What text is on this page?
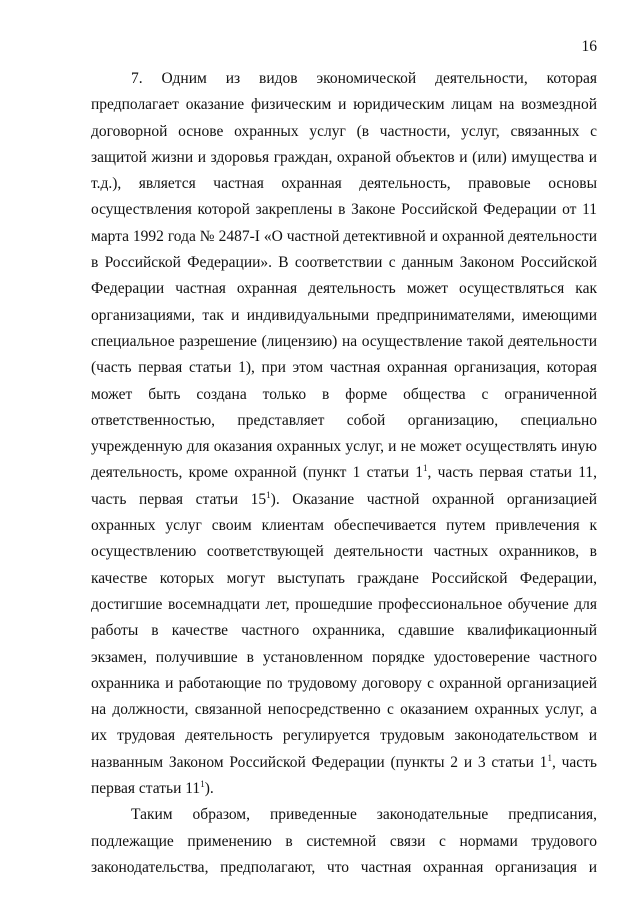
16

7. Одним из видов экономической деятельности, которая предполагает оказание физическим и юридическим лицам на возмездной договорной основе охранных услуг (в частности, услуг, связанных с защитой жизни и здоровья граждан, охраной объектов и (или) имущества и т.д.), является частная охранная деятельность, правовые основы осуществления которой закреплены в Законе Российской Федерации от 11 марта 1992 года № 2487-I «О частной детективной и охранной деятельности в Российской Федерации». В соответствии с данным Законом Российской Федерации частная охранная деятельность может осуществляться как организациями, так и индивидуальными предпринимателями, имеющими специальное разрешение (лицензию) на осуществление такой деятельности (часть первая статьи 1), при этом частная охранная организация, которая может быть создана только в форме общества с ограниченной ответственностью, представляет собой организацию, специально учрежденную для оказания охранных услуг, и не может осуществлять иную деятельность, кроме охранной (пункт 1 статьи $1^1$, часть первая статьи 11, часть первая статьи $15^1$). Оказание частной охранной организацией охранных услуг своим клиентам обеспечивается путем привлечения к осуществлению соответствующей деятельности частных охранников, в качестве которых могут выступать граждане Российской Федерации, достигшие восемнадцати лет, прошедшие профессиональное обучение для работы в качестве частного охранника, сдавшие квалификационный экзамен, получившие в установленном порядке удостоверение частного охранника и работающие по трудовому договору с охранной организацией на должности, связанной непосредственно с оказанием охранных услуг, а их трудовая деятельность регулируется трудовым законодательством и названным Законом Российской Федерации (пункты 2 и 3 статьи $1^1$, часть первая статьи $11^1$).

Таким образом, приведенные законодательные предписания, подлежащие применению в системной связи с нормами трудового законодательства, предполагают, что частная охранная организация и
